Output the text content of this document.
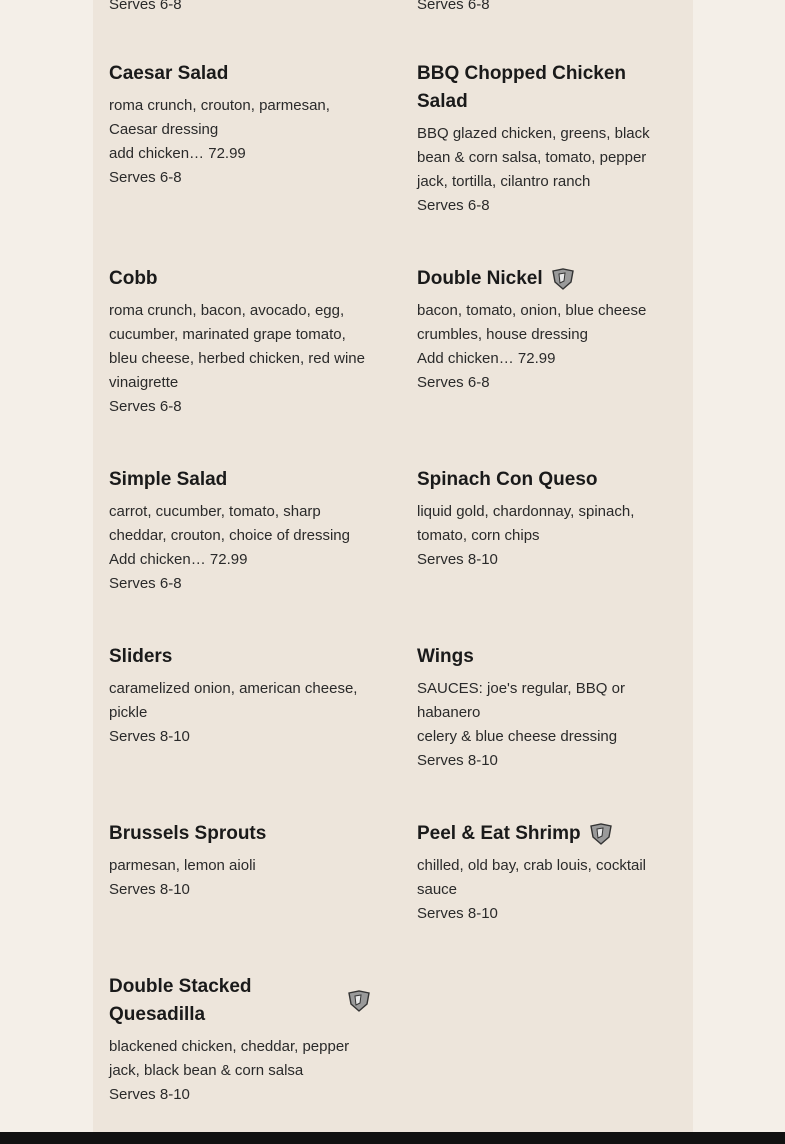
Serves 6-8	Serves 6-8
Caesar Salad
roma crunch, crouton, parmesan, Caesar dressing
add chicken… 72.99
Serves 6-8
BBQ Chopped Chicken Salad
BBQ glazed chicken, greens, black bean & corn salsa, tomato, pepper jack, tortilla, cilantro ranch
Serves 6-8
Cobb
roma crunch, bacon, avocado, egg, cucumber, marinated grape tomato, bleu cheese, herbed chicken, red wine vinaigrette
Serves 6-8
Double Nickel
bacon, tomato, onion, blue cheese crumbles, house dressing
Add chicken… 72.99
Serves 6-8
Simple Salad
carrot, cucumber, tomato, sharp cheddar, crouton, choice of dressing
Add chicken… 72.99
Serves 6-8
Spinach Con Queso
liquid gold, chardonnay, spinach, tomato, corn chips
Serves 8-10
Sliders
caramelized onion, american cheese, pickle
Serves 8-10
Wings
SAUCES: joe's regular, BBQ or habanero
celery & blue cheese dressing
Serves 8-10
Brussels Sprouts
parmesan, lemon aioli
Serves 8-10
Peel & Eat Shrimp
chilled, old bay, crab louis, cocktail sauce
Serves 8-10
Double Stacked Quesadilla
blackened chicken, cheddar, pepper jack, black bean & corn salsa
Serves 8-10
